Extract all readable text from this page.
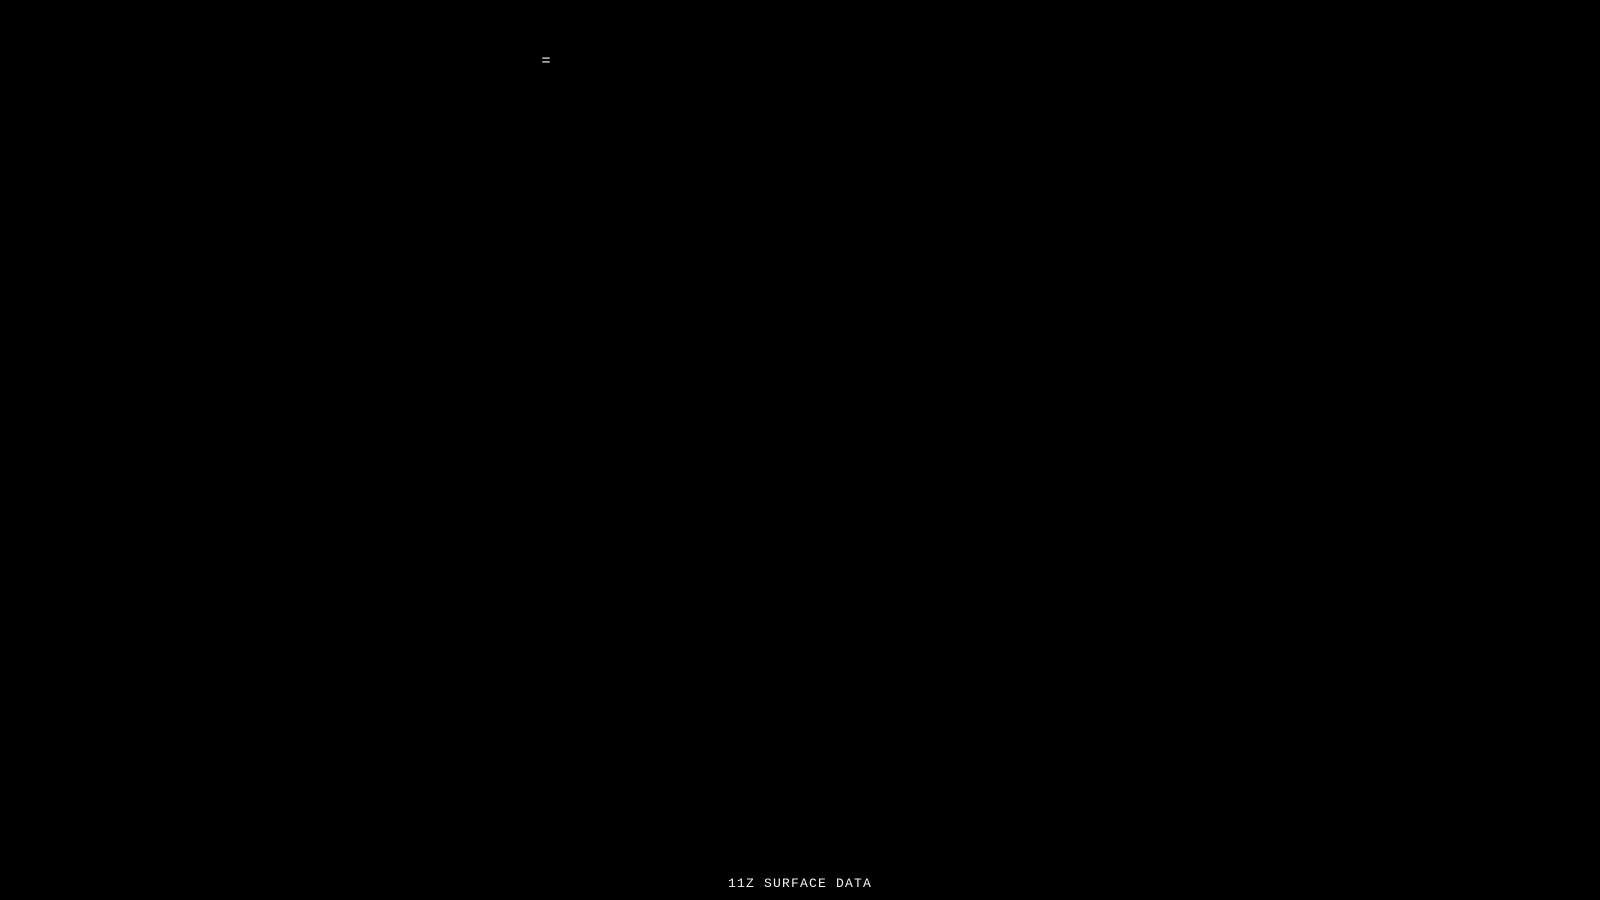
=
11Z SURFACE DATA
